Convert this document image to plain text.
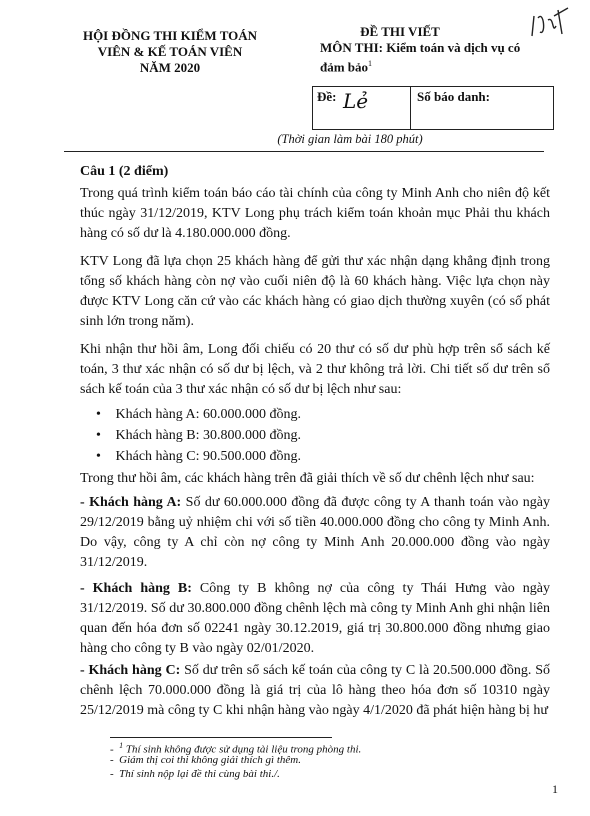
HỘI ĐỒNG THI KIỂM TOÁN
VIÊN & KẾ TOÁN VIÊN
NĂM 2020
ĐỀ THI VIẾT
MÔN THI: Kiểm toán và dịch vụ có
đảm bảo$^1$
Đề: Lẻ	Số báo danh:
(Thời gian làm bài 180 phút)
Câu 1 (2 điểm)

Trong quá trình kiểm toán báo cáo tài chính của công ty Minh Anh cho niên độ kết thúc ngày 31/12/2019, KTV Long phụ trách kiểm toán khoản mục Phải thu khách hàng có số dư là 4.180.000.000 đồng.

KTV Long đã lựa chọn 25 khách hàng để gửi thư xác nhận dạng khẳng định trong tổng số khách hàng còn nợ vào cuối niên độ là 60 khách hàng. Việc lựa chọn này được KTV Long căn cứ vào các khách hàng có giao dịch thường xuyên (có số phát sinh lớn trong năm).

Khi nhận thư hồi âm, Long đối chiếu có 20 thư có số dư phù hợp trên sổ sách kế toán, 3 thư xác nhận có số dư bị lệch, và 2 thư không trả lời. Chi tiết số dư trên sổ sách kế toán của 3 thư xác nhận có số dư bị lệch như sau:

• Khách hàng A: 60.000.000 đồng.
• Khách hàng B: 30.800.000 đồng.
• Khách hàng C: 90.500.000 đồng.

Trong thư hồi âm, các khách hàng trên đã giải thích về số dư chênh lệch như sau:

- Khách hàng A: Số dư 60.000.000 đồng đã được công ty A thanh toán vào ngày 29/12/2019 bằng uỷ nhiệm chi với số tiền 40.000.000 đồng cho công ty Minh Anh. Do vậy, công ty A chỉ còn nợ công ty Minh Anh 20.000.000 đồng vào ngày 31/12/2019.

- Khách hàng B: Công ty B không nợ của công ty Thái Hưng vào ngày 31/12/2019. Số dư 30.800.000 đồng chênh lệch mà công ty Minh Anh ghi nhận liên quan đến hóa đơn số 02241 ngày 30.12.2019, giá trị 30.800.000 đồng nhưng giao hàng cho công ty B vào ngày 02/01/2020.

- Khách hàng C: Số dư trên sổ sách kế toán của công ty C là 20.500.000 đồng. Số chênh lệch 70.000.000 đồng là giá trị của lô hàng theo hóa đơn số 10310 ngày 25/12/2019 mà công ty C khi nhận hàng vào ngày 4/1/2020 đã phát hiện hàng bị hư

- $^1$ Thí sinh không được sử dụng tài liệu trong phòng thi.
- Giám thị coi thi không giải thích gì thêm.
- Thí sinh nộp lại đề thi cùng bài thi./.
1
